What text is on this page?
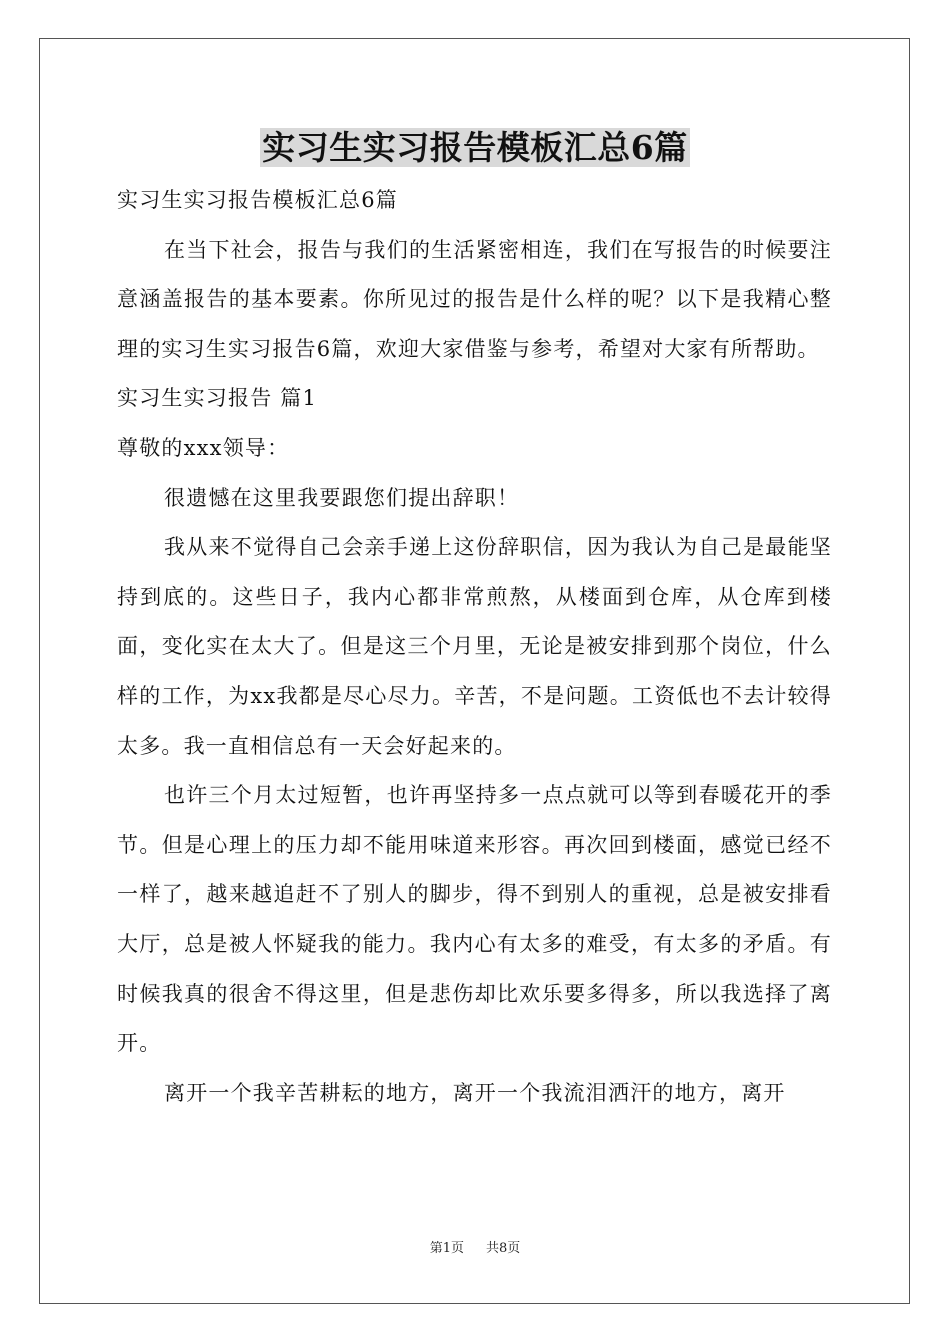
实习生实习报告模板汇总6篇

实习生实习报告模板汇总6篇

在当下社会，报告与我们的生活紧密相连，我们在写报告的时候要注意涵盖报告的基本要素。你所见过的报告是什么样的呢？以下是我精心整理的实习生实习报告6篇，欢迎大家借鉴与参考，希望对大家有所帮助。

实习生实习报告 篇1

尊敬的xxx领导：

很遗憾在这里我要跟您们提出辞职！

我从来不觉得自己会亲手递上这份辞职信，因为我认为自己是最能坚持到底的。这些日子，我内心都非常煎熬，从楼面到仓库，从仓库到楼面，变化实在太大了。但是这三个月里，无论是被安排到那个岗位，什么样的工作，为xx我都是尽心尽力。辛苦，不是问题。工资低也不去计较得太多。我一直相信总有一天会好起来的。

也许三个月太过短暂，也许再坚持多一点点就可以等到春暖花开的季节。但是心理上的压力却不能用味道来形容。再次回到楼面，感觉已经不一样了，越来越追赶不了别人的脚步，得不到别人的重视，总是被安排看大厅，总是被人怀疑我的能力。我内心有太多的难受，有太多的矛盾。有时候我真的很舍不得这里，但是悲伤却比欢乐要多得多，所以我选择了离开。

离开一个我辛苦耕耘的地方，离开一个我流泪洒汗的地方，离开

第1页 共8页
